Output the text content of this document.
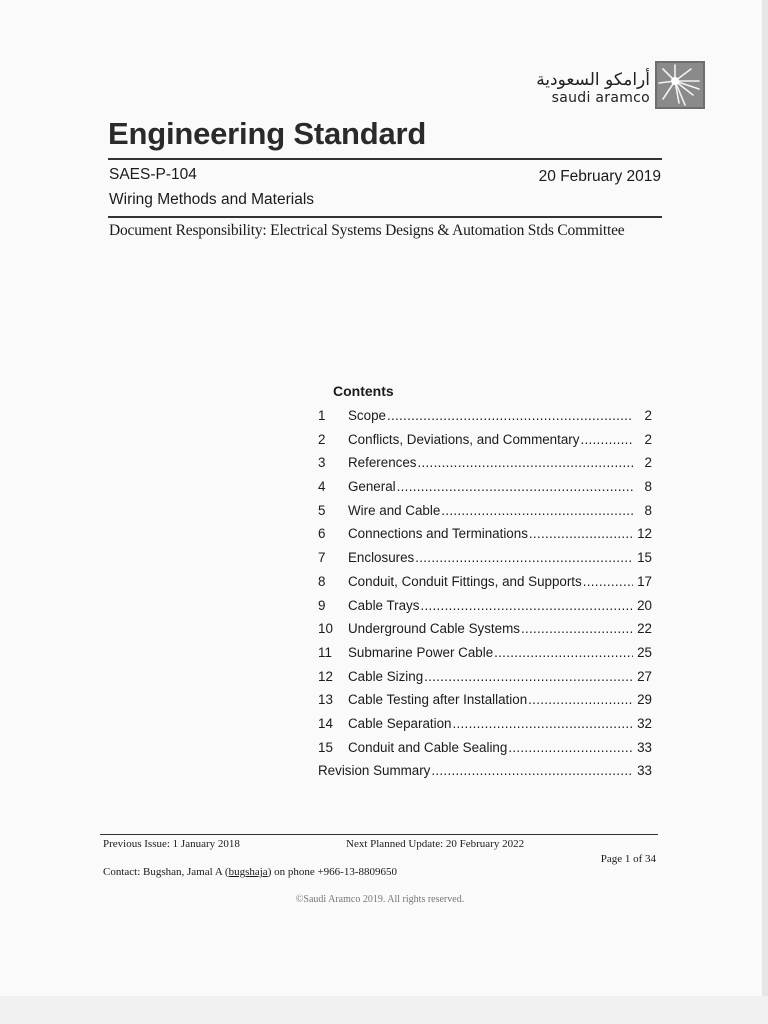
أرامكو السعودية
saudi aramco
Engineering Standard
SAES-P-104	20 February 2019
Wiring Methods and Materials
Document Responsibility: Electrical Systems Designs & Automation Stds Committee
Contents
1	Scope .....	2
2	Conflicts, Deviations, and Commentary .....	2
3	References .....	2
4	General .....	8
5	Wire and Cable .....	8
6	Connections and Terminations .....	12
7	Enclosures .....	15
8	Conduit, Conduit Fittings, and Supports .....	17
9	Cable Trays .....	20
10	Underground Cable Systems .....	22
11	Submarine Power Cable .....	25
12	Cable Sizing .....	27
13	Cable Testing after Installation .....	29
14	Cable Separation .....	32
15	Conduit and Cable Sealing .....	33
Revision Summary .....	33
Previous Issue: 1 January 2018	Next Planned Update: 20 February 2022
Page 1 of 34
Contact: Bugshan, Jamal A (bugshaja) on phone +966-13-8809650
©Saudi Aramco 2019. All rights reserved.
